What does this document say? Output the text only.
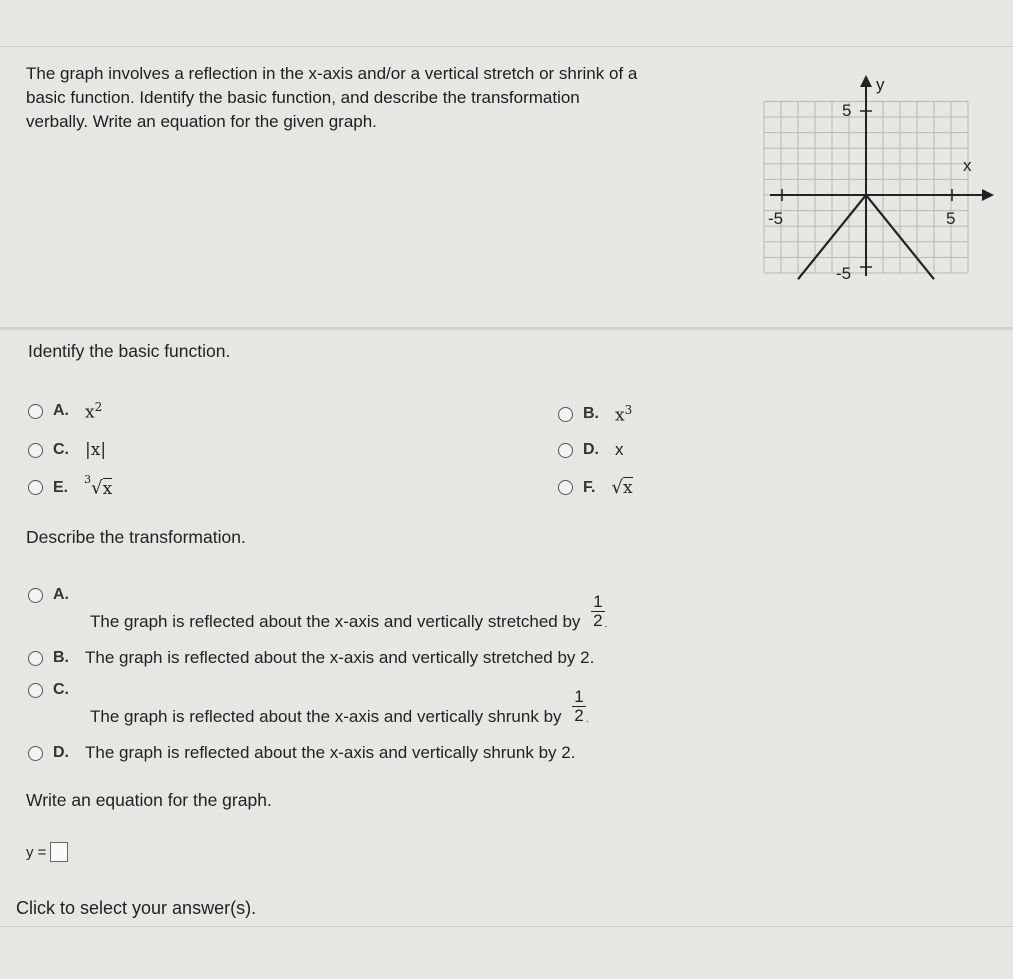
The graph involves a reflection in the x-axis and/or a vertical stretch or shrink of a
basic function. Identify the basic function, and describe the transformation
verbally. Write an equation for the given graph.
y
x
5
-5
-5	5
Identify the basic function.
A. $x^2$	B. $x^3$
C. |x|	D. x
E. $^3$√x	F. √x
Describe the transformation.
A.
The graph is reflected about the x-axis and vertically stretched by $\frac{1}{2} _.$
B. The graph is reflected about the x-axis and vertically stretched by 2.
C.
The graph is reflected about the x-axis and vertically shrunk by $\frac{1}{2} _.$
D. The graph is reflected about the x-axis and vertically shrunk by 2.
Write an equation for the graph.
y =
Click to select your answer(s).
